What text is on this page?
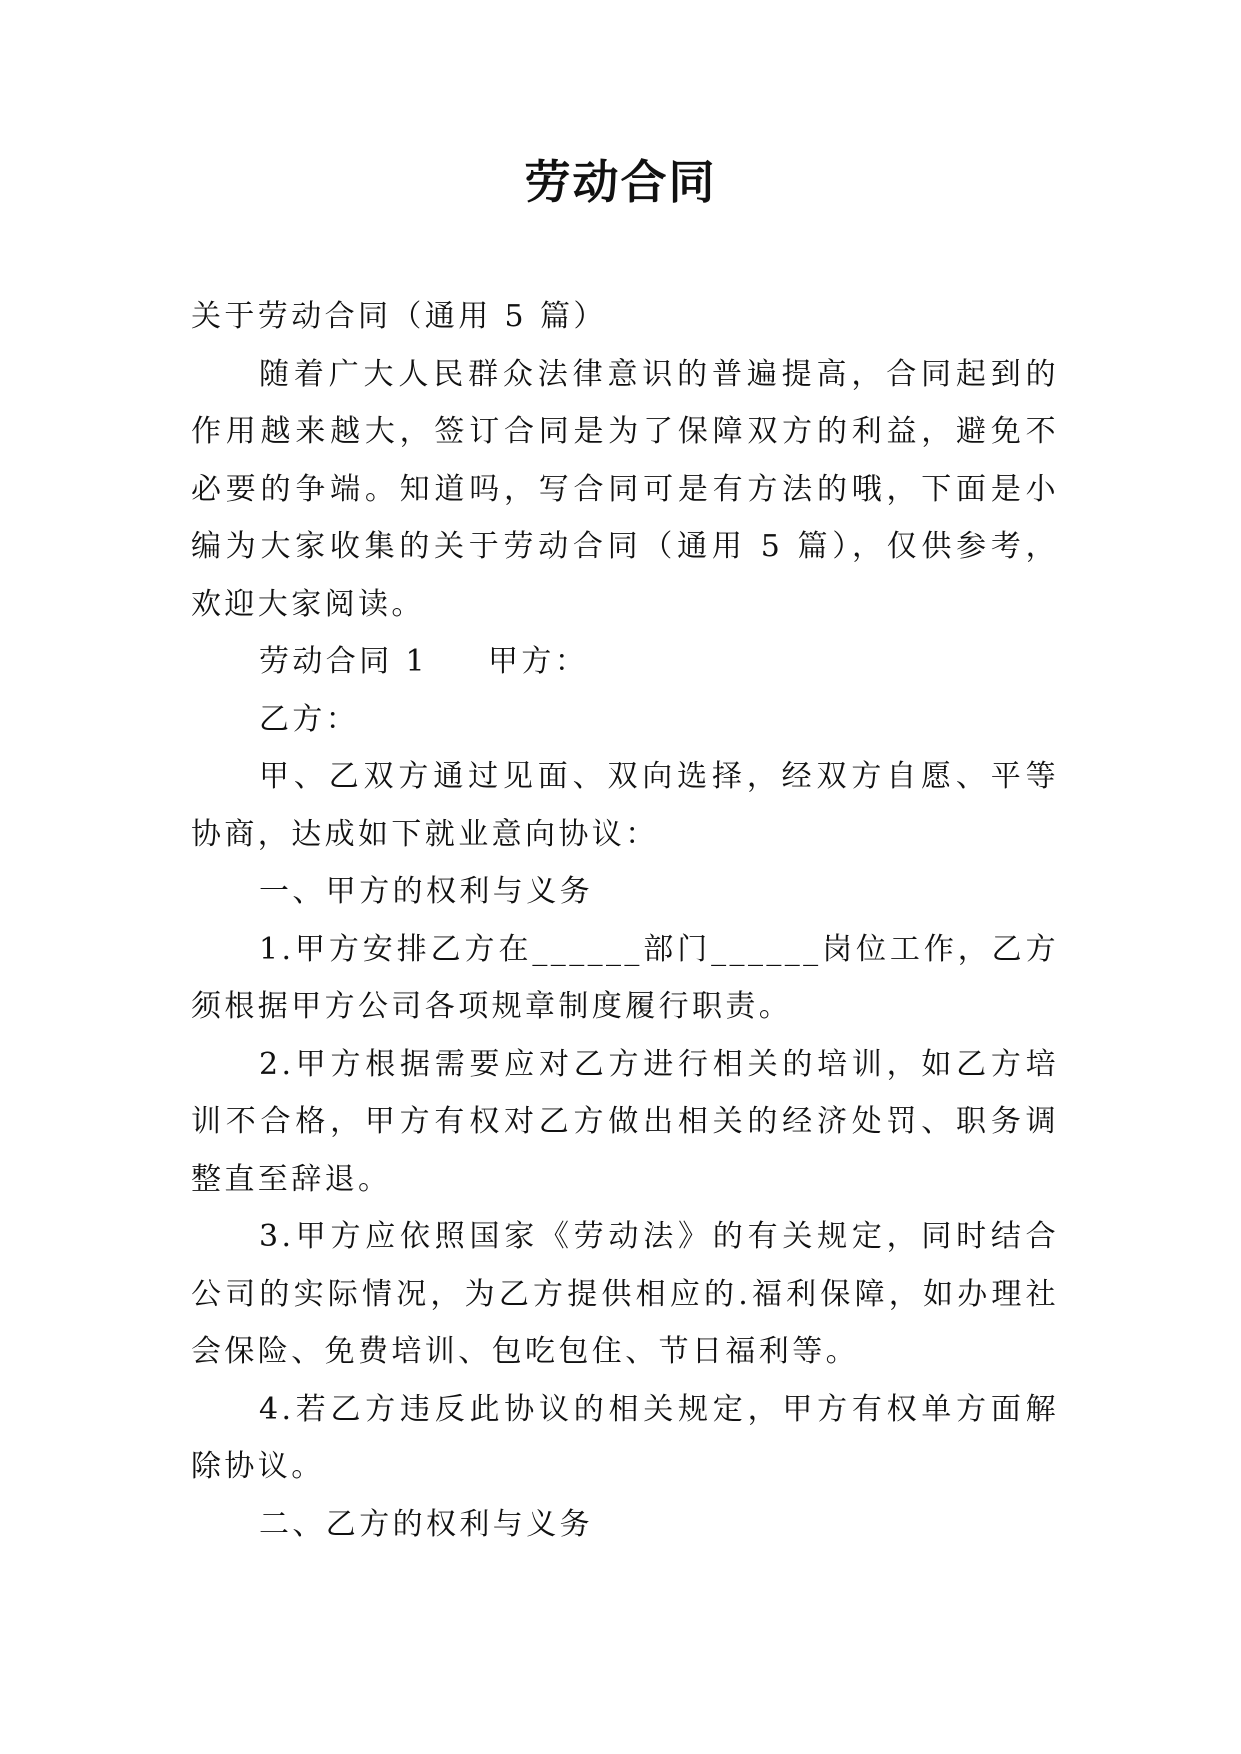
劳动合同

关于劳动合同（通用 5 篇）

随着广大人民群众法律意识的普遍提高，合同起到的作用越来越大，签订合同是为了保障双方的利益，避免不必要的争端。知道吗，写合同可是有方法的哦，下面是小编为大家收集的关于劳动合同（通用 5 篇），仅供参考，欢迎大家阅读。

劳动合同 1 甲方：

乙方：

甲、乙双方通过见面、双向选择，经双方自愿、平等协商，达成如下就业意向协议：

一、甲方的权利与义务

1.甲方安排乙方在______部门______岗位工作，乙方须根据甲方公司各项规章制度履行职责。

2.甲方根据需要应对乙方进行相关的培训，如乙方培训不合格，甲方有权对乙方做出相关的经济处罚、职务调整直至辞退。

3.甲方应依照国家《劳动法》的有关规定，同时结合公司的实际情况，为乙方提供相应的.福利保障，如办理社会保险、免费培训、包吃包住、节日福利等。

4.若乙方违反此协议的相关规定，甲方有权单方面解除协议。

二、乙方的权利与义务
